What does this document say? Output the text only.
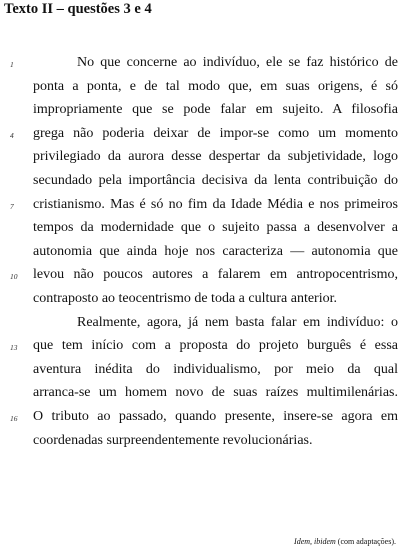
Texto II – questões 3 e 4
1	No que concerne ao indivíduo, ele se faz histórico de
ponta a ponta, e de tal modo que, em suas origens, é só
impropriamente que se pode falar em sujeito. A filosofia
4	grega não poderia deixar de impor-se como um momento
privilegiado da aurora desse despertar da subjetividade, logo
secundado pela importância decisiva da lenta contribuição do
7	cristianismo. Mas é só no fim da Idade Média e nos primeiros
tempos da modernidade que o sujeito passa a desenvolver a
autonomia que ainda hoje nos caracteriza — autonomia que
10	levou não poucos autores a falarem em antropocentrismo,
contraposto ao teocentrismo de toda a cultura anterior.
Realmente, agora, já nem basta falar em indivíduo: o
13	que tem início com a proposta do projeto burguês é essa
aventura inédita do individualismo, por meio da qual
arranca-se um homem novo de suas raízes multimilenárias.
16	O tributo ao passado, quando presente, insere-se agora em
coordenadas surpreendentemente revolucionárias.
Idem, ibidem (com adaptações).
